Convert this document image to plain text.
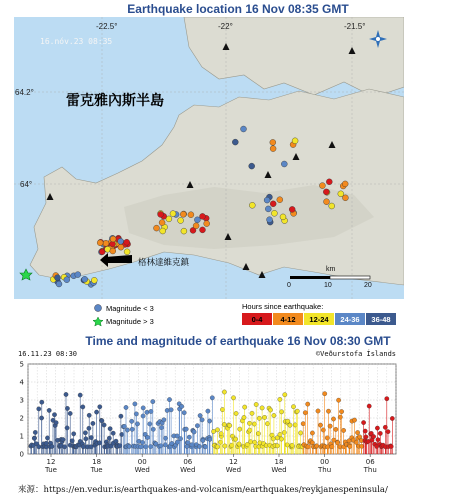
Earthquake location 16 Nov 08:35 GMT
-22.5°	-22°	-21.5°
64.2°
64°
16.nóv.23 08:35
雷克雅內斯半島
格林達維克鎮
km
0	10	20
Magnitude < 3
Magnitude > 3
Hours since earthquake:
0-4 4-12 12-24 24-36 36-48
Time and magnitude of earthquake 16 Nov 08:30 GMT
16.11.23 08:30	©Veðurstofa Íslands
0
1
2
3
4
5
12
Tue
18
Tue
00
Wed
06
Wed
12
Wed
18
Wed
00
Thu
06
Thu
來源：https://en.vedur.is/earthquakes-and-volcanism/earthquakes/reykjanespeninsula/
